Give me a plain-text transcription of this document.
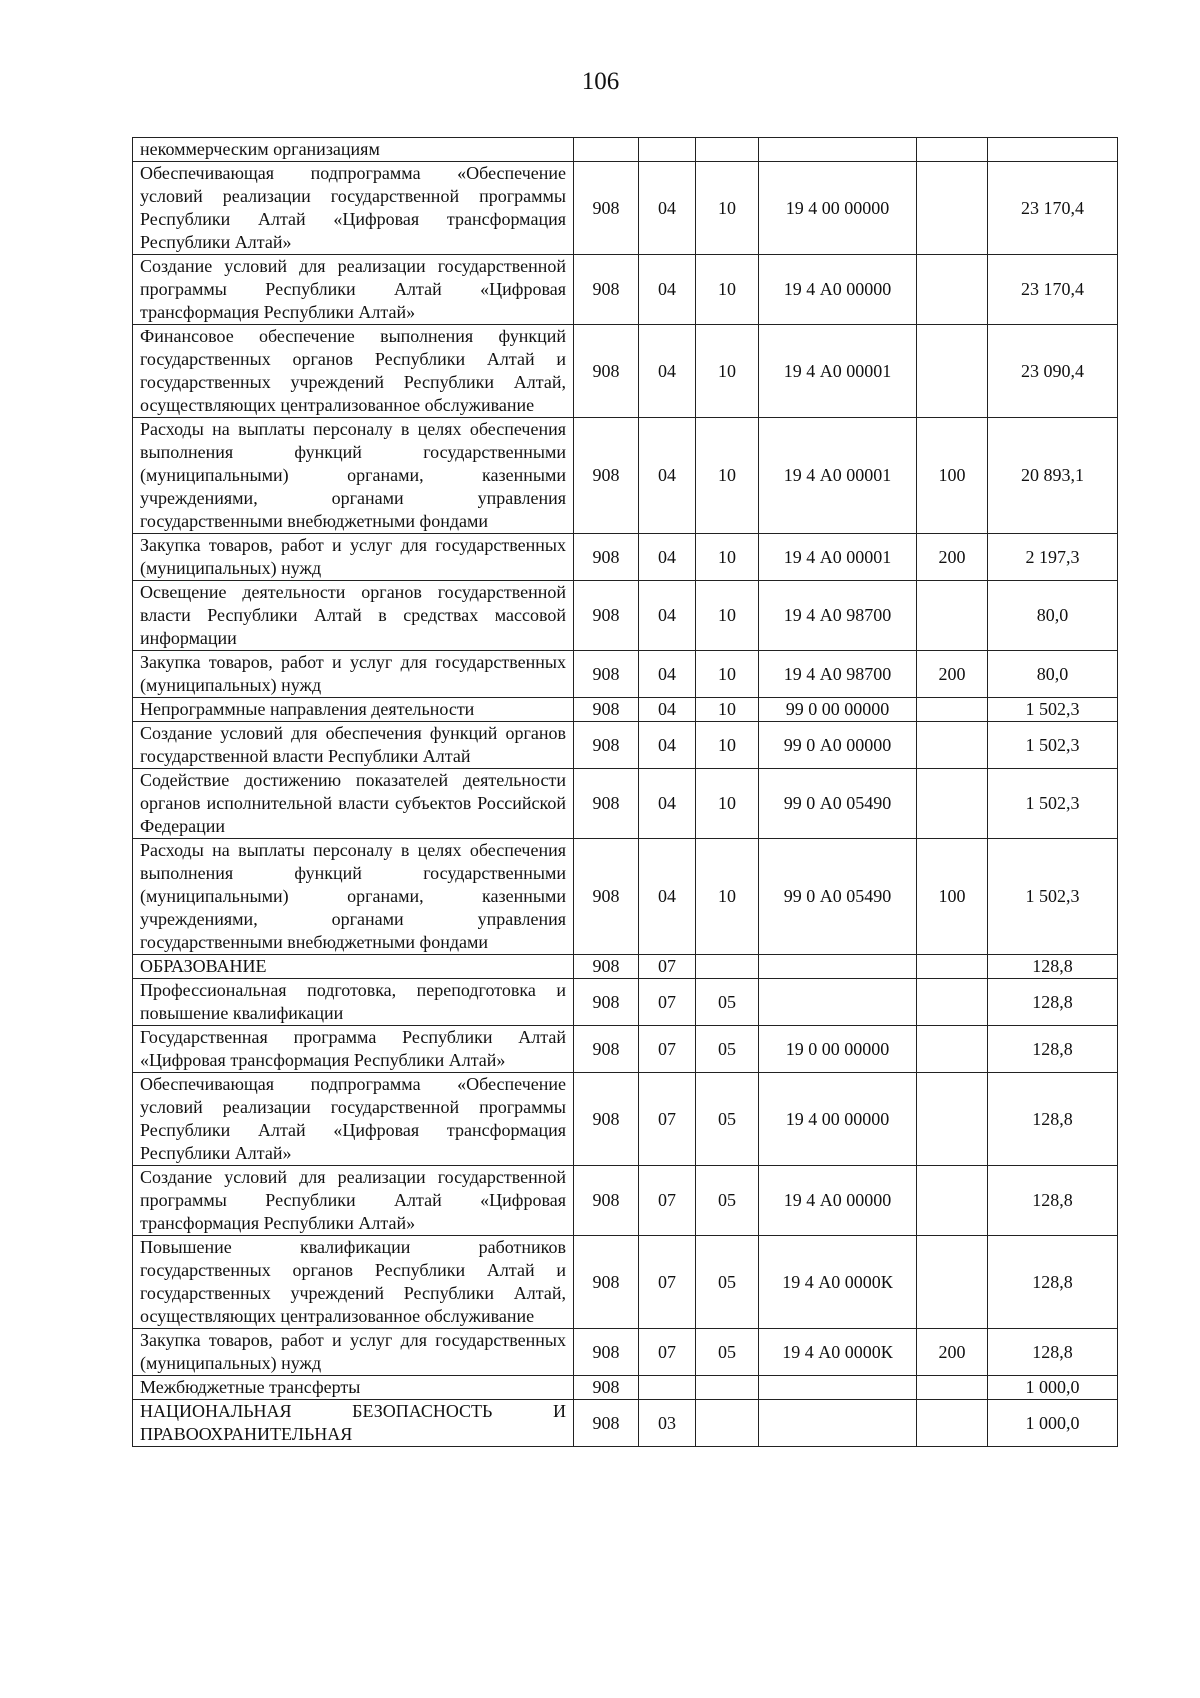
106
некоммерческим организациям						
Обеспечивающая подпрограмма «Обеспечение условий реализации государственной программы Республики Алтай «Цифровая трансформация Республики Алтай»	908	04	10	19 4 00 00000		23 170,4
Создание условий для реализации государственной программы Республики Алтай «Цифровая трансформация Республики Алтай»	908	04	10	19 4 А0 00000		23 170,4
Финансовое обеспечение выполнения функций государственных органов Республики Алтай и государственных учреждений Республики Алтай, осуществляющих централизованное обслуживание	908	04	10	19 4 А0 00001		23 090,4
Расходы на выплаты персоналу в целях обеспечения выполнения функций государственными (муниципальными) органами, казенными учреждениями, органами управления государственными внебюджетными фондами	908	04	10	19 4 А0 00001	100	20 893,1
Закупка товаров, работ и услуг для государственных (муниципальных) нужд	908	04	10	19 4 А0 00001	200	2 197,3
Освещение деятельности органов государственной власти Республики Алтай в средствах массовой информации	908	04	10	19 4 А0 98700		80,0
Закупка товаров, работ и услуг для государственных (муниципальных) нужд	908	04	10	19 4 А0 98700	200	80,0
Непрограммные направления деятельности	908	04	10	99 0 00 00000		1 502,3
Создание условий для обеспечения функций органов государственной власти Республики Алтай	908	04	10	99 0 А0 00000		1 502,3
Содействие достижению показателей деятельности органов исполнительной власти субъектов Российской Федерации	908	04	10	99 0 А0 05490		1 502,3
Расходы на выплаты персоналу в целях обеспечения выполнения функций государственными (муниципальными) органами, казенными учреждениями, органами управления государственными внебюджетными фондами	908	04	10	99 0 А0 05490	100	1 502,3
ОБРАЗОВАНИЕ	908	07				128,8
Профессиональная подготовка, переподготовка и повышение квалификации	908	07	05			128,8
Государственная программа Республики Алтай «Цифровая трансформация Республики Алтай»	908	07	05	19 0 00 00000		128,8
Обеспечивающая подпрограмма «Обеспечение условий реализации государственной программы Республики Алтай «Цифровая трансформация Республики Алтай»	908	07	05	19 4 00 00000		128,8
Создание условий для реализации государственной программы Республики Алтай «Цифровая трансформация Республики Алтай»	908	07	05	19 4 А0 00000		128,8
Повышение квалификации работников государственных органов Республики Алтай и государственных учреждений Республики Алтай, осуществляющих централизованное обслуживание	908	07	05	19 4 А0 0000К		128,8
Закупка товаров, работ и услуг для государственных (муниципальных) нужд	908	07	05	19 4 А0 0000К	200	128,8
Межбюджетные трансферты	908					1 000,0
НАЦИОНАЛЬНАЯ БЕЗОПАСНОСТЬ И ПРАВООХРАНИТЕЛЬНАЯ	908	03				1 000,0
